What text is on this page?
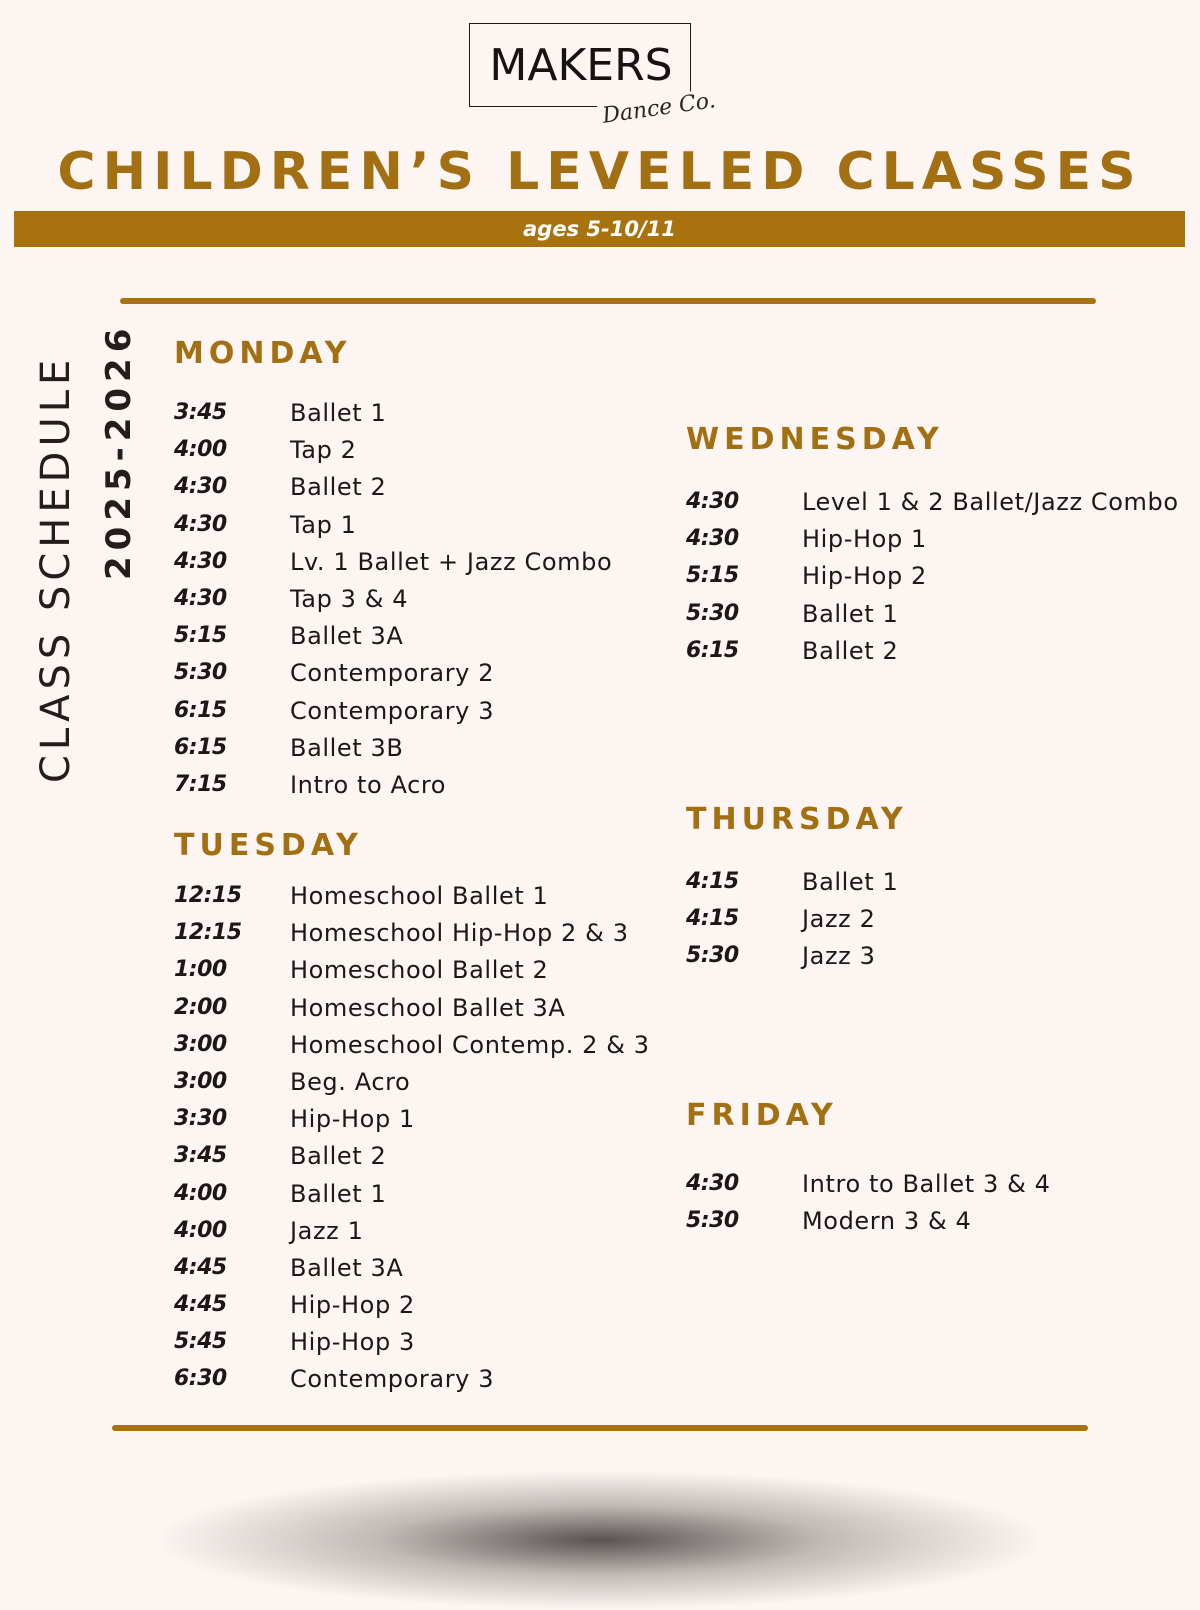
MAKERS
Dance Co.
CHILDREN’S LEVELED CLASSES
ages 5-10/11
CLASS SCHEDULE 2025-2026 MONDAY
3:45	Ballet 1
4:00	Tap 2
4:30	Ballet 2
4:30	Tap 1
4:30	Lv. 1 Ballet + Jazz Combo
4:30	Tap 3 & 4
5:15	Ballet 3A
5:30	Contemporary 2
6:15	Contemporary 3
6:15	Ballet 3B
7:15	Intro to Acro
TUESDAY
12:15 Homeschool Ballet 1
12:15 Homeschool Hip-Hop 2 & 3
1:00	Homeschool Ballet 2
2:00	Homeschool Ballet 3A
3:00	Homeschool Contemp. 2 & 3
3:00	Beg. Acro
3:30	Hip-Hop 1
3:45	Ballet 2
4:00	Ballet 1
4:00	Jazz 1
4:45	Ballet 3A
4:45	Hip-Hop 2
5:45	Hip-Hop 3
6:30	Contemporary 3
WEDNESDAY
4:30	Level 1 & 2 Ballet/Jazz Combo
4:30	Hip-Hop 1
5:15	Hip-Hop 2
5:30	Ballet 1
6:15	Ballet 2
THURSDAY
4:15	Ballet 1
4:15	Jazz 2
5:30	Jazz 3
FRIDAY
4:30	Intro to Ballet 3 & 4
5:30	Modern 3 & 4
